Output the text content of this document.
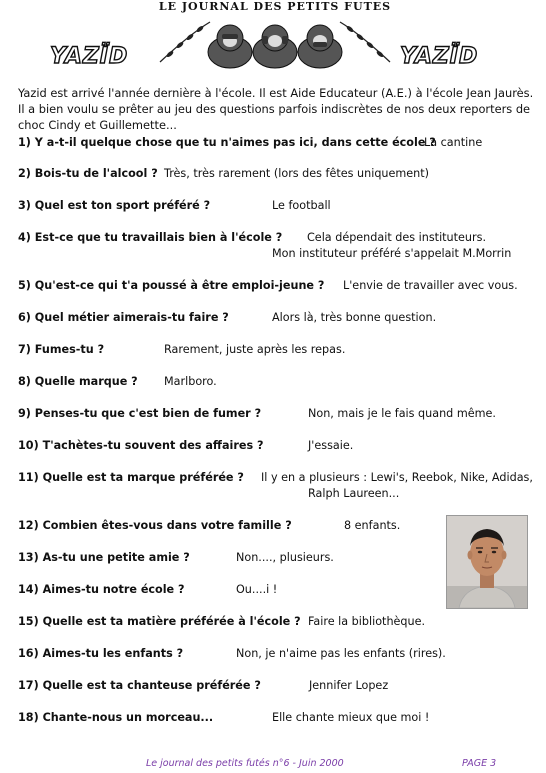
LE JOURNAL DES PETITS FUTES
YAZÏD	YAZÏD
Yazid est arrivé l'année dernière à l'école. Il est Aide Educateur (A.E.) à l'école Jean Jaurès. Il a bien voulu se prêter au jeu des questions parfois indiscrètes de nos deux reporters de choc Cindy et Guillemette...
1) Y a-t-il quelque chose que tu n'aimes pas ici, dans cette école ?
La cantine
2) Bois-tu de l'alcool ? Très, très rarement (lors des fêtes uniquement)
3) Quel est ton sport préféré ?	Le football
4) Est-ce que tu travaillais bien à l'école ? Cela dépendait des instituteurs.
Mon instituteur préféré s'appelait M.Morrin
5) Qu'est-ce qui t'a poussé à être emploi-jeune ? L'envie de travailler avec vous.
6) Quel métier aimerais-tu faire ?	Alors là, très bonne question.
7) Fumes-tu ?	Rarement, juste après les repas.
8) Quelle marque ? Marlboro.
9) Penses-tu que c'est bien de fumer ?	Non, mais je le fais quand même.
10) T'achètes-tu souvent des affaires ?	J'essaie.
11) Quelle est ta marque préférée ? Il y en a plusieurs : Lewi's, Reebok, Nike, Adidas,
Ralph Laureen...
12) Combien êtes-vous dans votre famille ?	8 enfants.
13) As-tu une petite amie ?	Non...., plusieurs.
14) Aimes-tu notre école ?	Ou....i !
15) Quelle est ta matière préférée à l'école ? Faire la bibliothèque.
16) Aimes-tu les enfants ?	Non, je n'aime pas les enfants (rires).
17) Quelle est ta chanteuse préférée ?	Jennifer Lopez
18) Chante-nous un morceau...	Elle chante mieux que moi !
Le journal des petits futés n°6 - Juin 2000	PAGE 3
